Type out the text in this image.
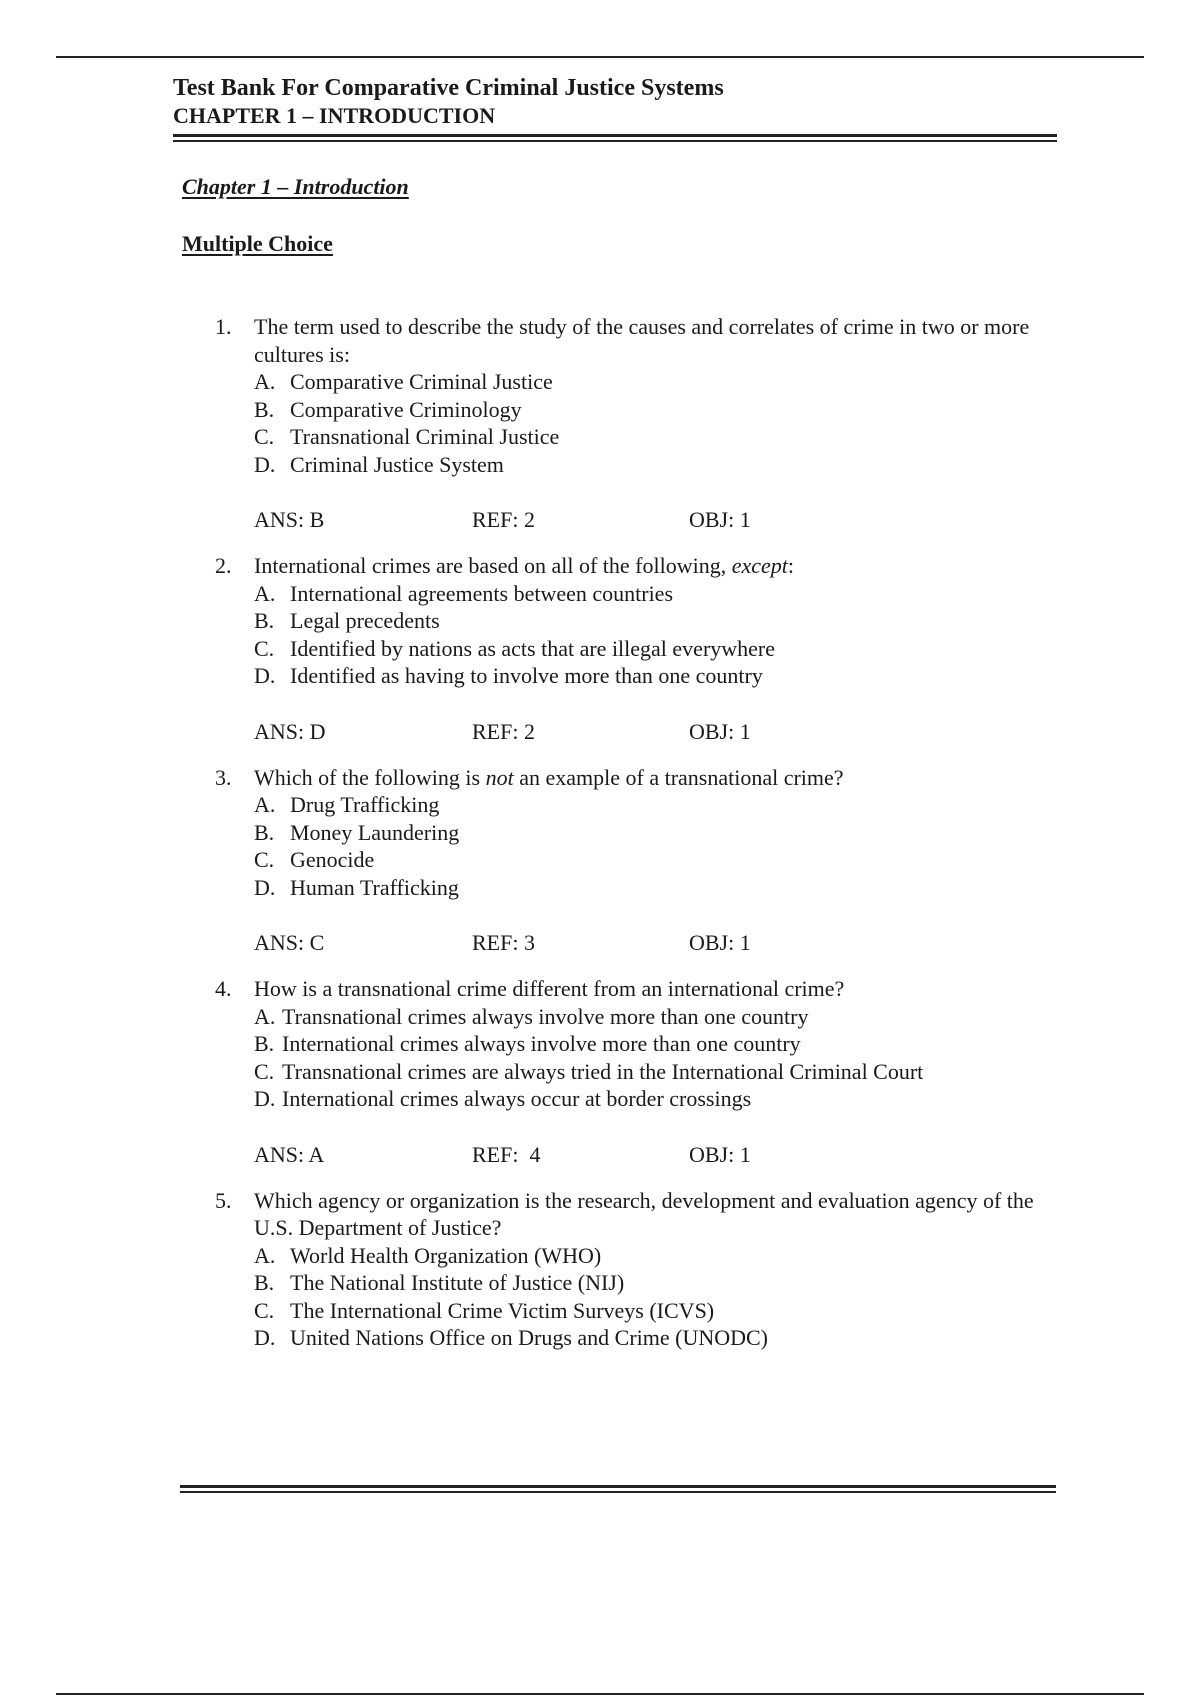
Test Bank For Comparative Criminal Justice Systems

CHAPTER 1 – INTRODUCTION

Chapter 1 – Introduction

Multiple Choice

1.	The term used to describe the study of the causes and correlates of crime in two or more cultures is:
A. Comparative Criminal Justice
B. Comparative Criminology
C. Transnational Criminal Justice
D. Criminal Justice System
ANS: B	REF: 2	OBJ: 1
2.	International crimes are based on all of the following, except:
A. International agreements between countries
B. Legal precedents
C. Identified by nations as acts that are illegal everywhere
D. Identified as having to involve more than one country
ANS: D	REF: 2	OBJ: 1
3.	Which of the following is not an example of a transnational crime?
A. Drug Trafficking
B. Money Laundering
C. Genocide
D. Human Trafficking
ANS: C	REF: 3	OBJ: 1
4.	How is a transnational crime different from an international crime?
A. Transnational crimes always involve more than one country
B. International crimes always involve more than one country
C. Transnational crimes are always tried in the International Criminal Court
D. International crimes always occur at border crossings
ANS: A	REF:  4	OBJ: 1
5.	Which agency or organization is the research, development and evaluation agency of the U.S. Department of Justice?
A. World Health Organization (WHO)
B. The National Institute of Justice (NIJ)
C. The International Crime Victim Surveys (ICVS)
D. United Nations Office on Drugs and Crime (UNODC)
